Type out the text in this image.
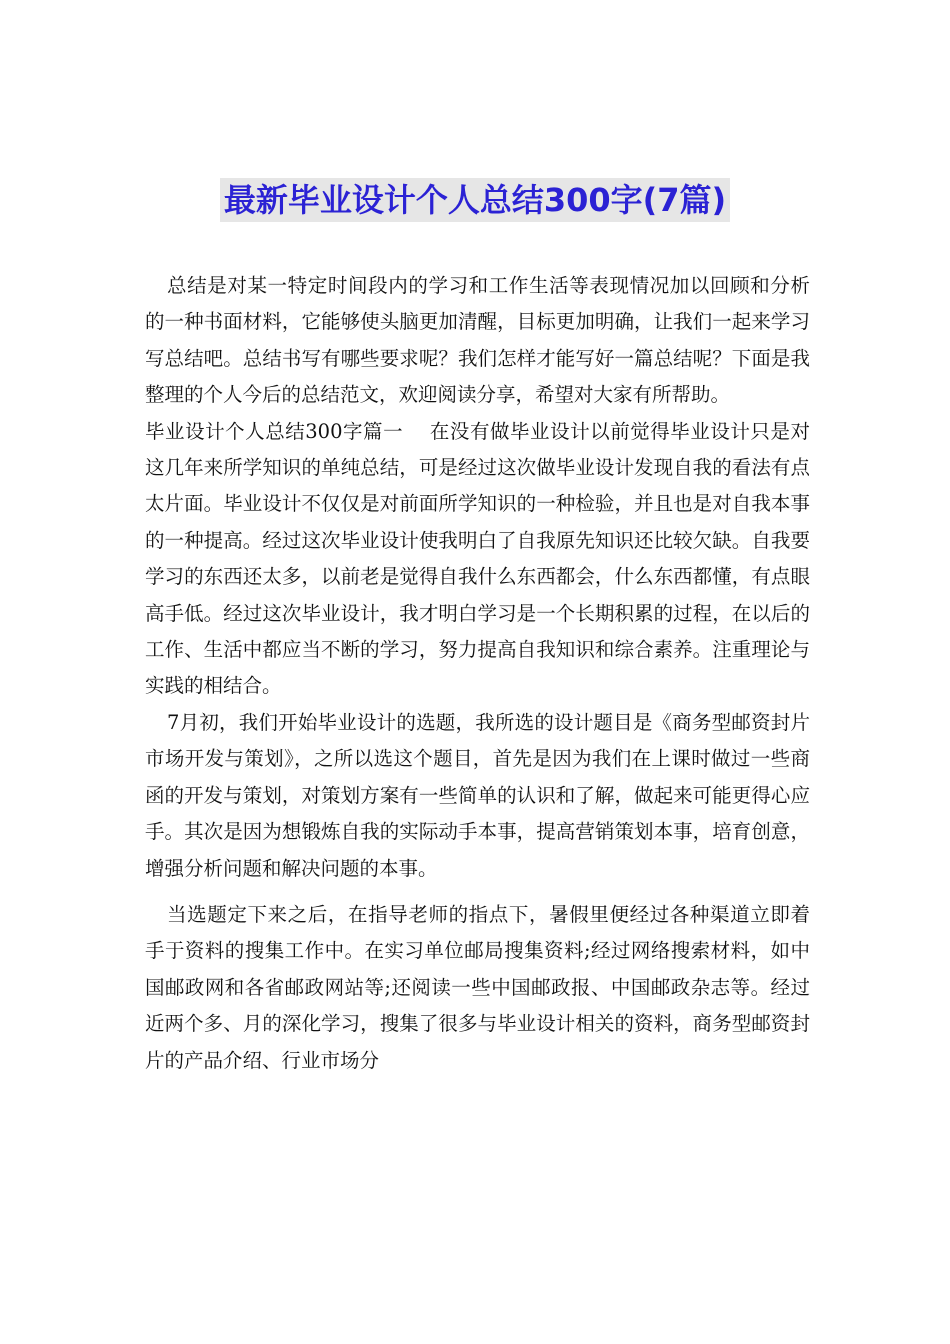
最新毕业设计个人总结300字(7篇)

总结是对某一特定时间段内的学习和工作生活等表现情况加以回顾和分析的一种书面材料，它能够使头脑更加清醒，目标更加明确，让我们一起来学习写总结吧。总结书写有哪些要求呢？我们怎样才能写好一篇总结呢？下面是我整理的个人今后的总结范文，欢迎阅读分享，希望对大家有所帮助。

毕业设计个人总结300字篇一　 在没有做毕业设计以前觉得毕业设计只是对这几年来所学知识的单纯总结，可是经过这次做毕业设计发现自我的看法有点太片面。毕业设计不仅仅是对前面所学知识的一种检验，并且也是对自我本事的一种提高。经过这次毕业设计使我明白了自我原先知识还比较欠缺。自我要学习的东西还太多，以前老是觉得自我什么东西都会，什么东西都懂，有点眼高手低。经过这次毕业设计，我才明白学习是一个长期积累的过程，在以后的工作、生活中都应当不断的学习，努力提高自我知识和综合素养。注重理论与实践的相结合。

7月初，我们开始毕业设计的选题，我所选的设计题目是《商务型邮资封片市场开发与策划》，之所以选这个题目，首先是因为我们在上课时做过一些商函的开发与策划，对策划方案有一些简单的认识和了解，做起来可能更得心应手。其次是因为想锻炼自我的实际动手本事，提高营销策划本事，培育创意，增强分析问题和解决问题的本事。

当选题定下来之后，在指导老师的指点下，暑假里便经过各种渠道立即着手于资料的搜集工作中。在实习单位邮局搜集资料;经过网络搜索材料，如中国邮政网和各省邮政网站等;还阅读一些中国邮政报、中国邮政杂志等。经过近两个多、月的深化学习，搜集了很多与毕业设计相关的资料，商务型邮资封片的产品介绍、行业市场分
